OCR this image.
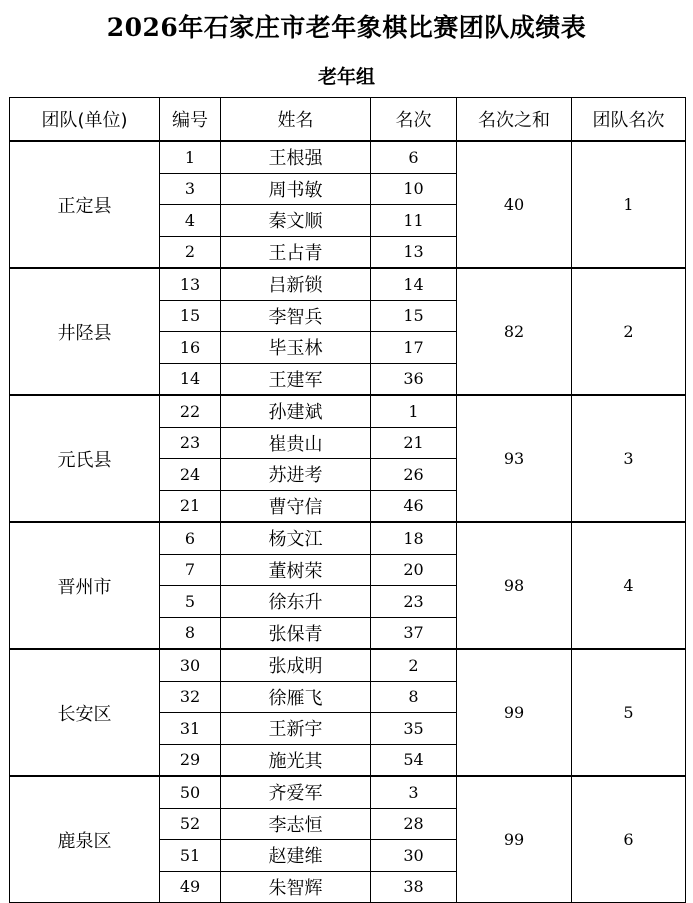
2026年石家庄市老年象棋比赛团队成绩表
老年组
团队(单位)	编号	姓名	名次	名次之和	团队名次
正定县	1	王根强	6	40	1
	3	周书敏	10		
	4	秦文顺	11		
	2	王占青	13		
井陉县	13	吕新锁	14	82	2
	15	李智兵	15		
	16	毕玉林	17		
	14	王建军	36		
元氏县	22	孙建斌	1	93	3
	23	崔贵山	21		
	24	苏进考	26		
	21	曹守信	46		
晋州市	6	杨文江	18	98	4
	7	董树荣	20		
	5	徐东升	23		
	8	张保青	37		
长安区	30	张成明	2	99	5
	32	徐雁飞	8		
	31	王新宇	35		
	29	施光其	54		
鹿泉区	50	齐爱军	3	99	6
	52	李志恒	28		
	51	赵建维	30		
	49	朱智辉	38		
